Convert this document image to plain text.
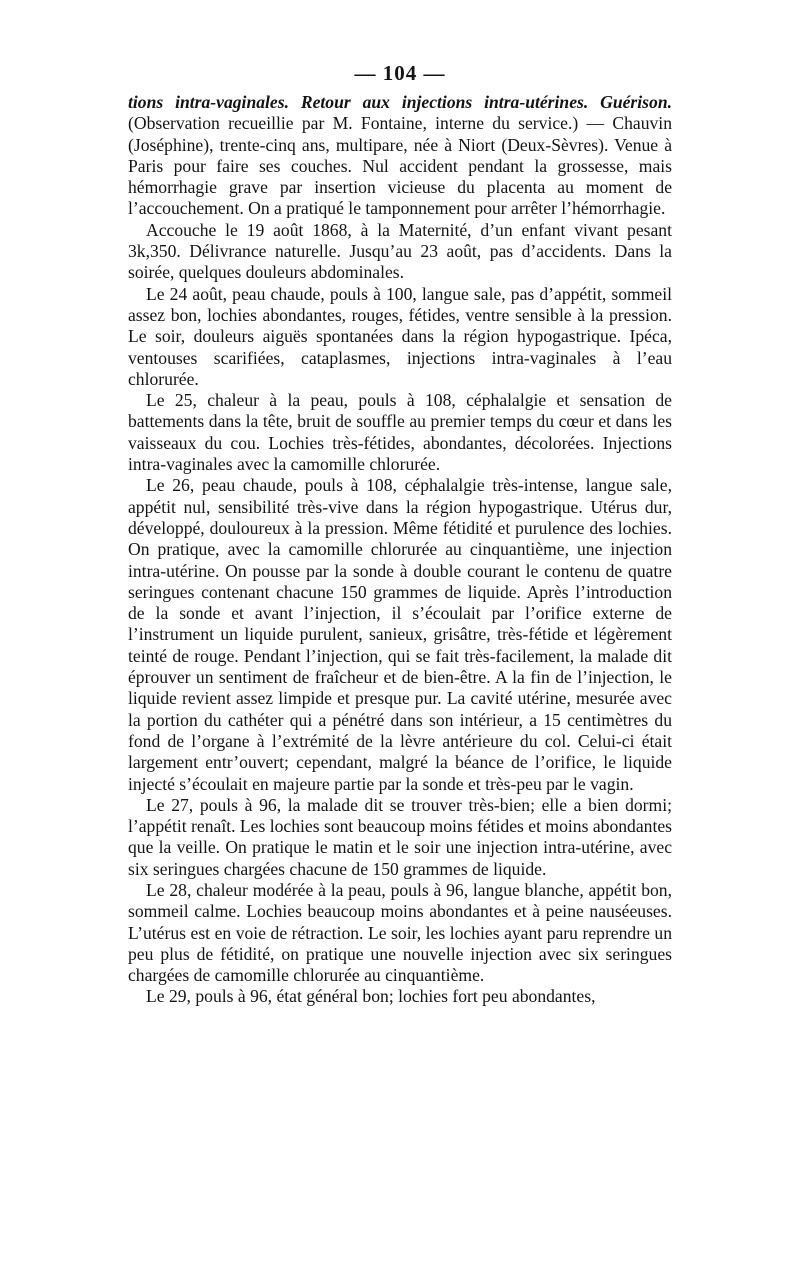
— 104 —

tions intra-vaginales. Retour aux injections intra-utérines. Guérison. (Observation recueillie par M. Fontaine, interne du service.) — Chauvin (Joséphine), trente-cinq ans, multipare, née à Niort (Deux-Sèvres). Venue à Paris pour faire ses couches. Nul accident pendant la grossesse, mais hémorrhagie grave par insertion vicieuse du placenta au moment de l’accouchement. On a pratiqué le tamponnement pour arrêter l’hémorrhagie.

Accouche le 19 août 1868, à la Maternité, d’un enfant vivant pesant 3k,350. Délivrance naturelle. Jusqu’au 23 août, pas d’accidents. Dans la soirée, quelques douleurs abdominales.

Le 24 août, peau chaude, pouls à 100, langue sale, pas d’appétit, sommeil assez bon, lochies abondantes, rouges, fétides, ventre sensible à la pression. Le soir, douleurs aiguës spontanées dans la région hypogastrique. Ipéca, ventouses scarifiées, cataplasmes, injections intra-vaginales à l’eau chlorurée.

Le 25, chaleur à la peau, pouls à 108, céphalalgie et sensation de battements dans la tête, bruit de souffle au premier temps du cœur et dans les vaisseaux du cou. Lochies très-fétides, abondantes, décolorées. Injections intra-vaginales avec la camomille chlorurée.

Le 26, peau chaude, pouls à 108, céphalalgie très-intense, langue sale, appétit nul, sensibilité très-vive dans la région hypogastrique. Utérus dur, développé, douloureux à la pression. Même fétidité et purulence des lochies. On pratique, avec la camomille chlorurée au cinquantième, une injection intra-utérine. On pousse par la sonde à double courant le contenu de quatre seringues contenant chacune 150 grammes de liquide. Après l’introduction de la sonde et avant l’injection, il s’écoulait par l’orifice externe de l’instrument un liquide purulent, sanieux, grisâtre, très-fétide et légèrement teinté de rouge. Pendant l’injection, qui se fait très-facilement, la malade dit éprouver un sentiment de fraîcheur et de bien-être. A la fin de l’injection, le liquide revient assez limpide et presque pur. La cavité utérine, mesurée avec la portion du cathéter qui a pénétré dans son intérieur, a 15 centimètres du fond de l’organe à l’extrémité de la lèvre antérieure du col. Celui-ci était largement entr’ouvert; cependant, malgré la béance de l’orifice, le liquide injecté s’écoulait en majeure partie par la sonde et très-peu par le vagin.

Le 27, pouls à 96, la malade dit se trouver très-bien; elle a bien dormi; l’appétit renaît. Les lochies sont beaucoup moins fétides et moins abondantes que la veille. On pratique le matin et le soir une injection intra-utérine, avec six seringues chargées chacune de 150 grammes de liquide.

Le 28, chaleur modérée à la peau, pouls à 96, langue blanche, appétit bon, sommeil calme. Lochies beaucoup moins abondantes et à peine nauséeuses. L’utérus est en voie de rétraction. Le soir, les lochies ayant paru reprendre un peu plus de fétidité, on pratique une nouvelle injection avec six seringues chargées de camomille chlorurée au cinquantième.

Le 29, pouls à 96, état général bon; lochies fort peu abondantes,
